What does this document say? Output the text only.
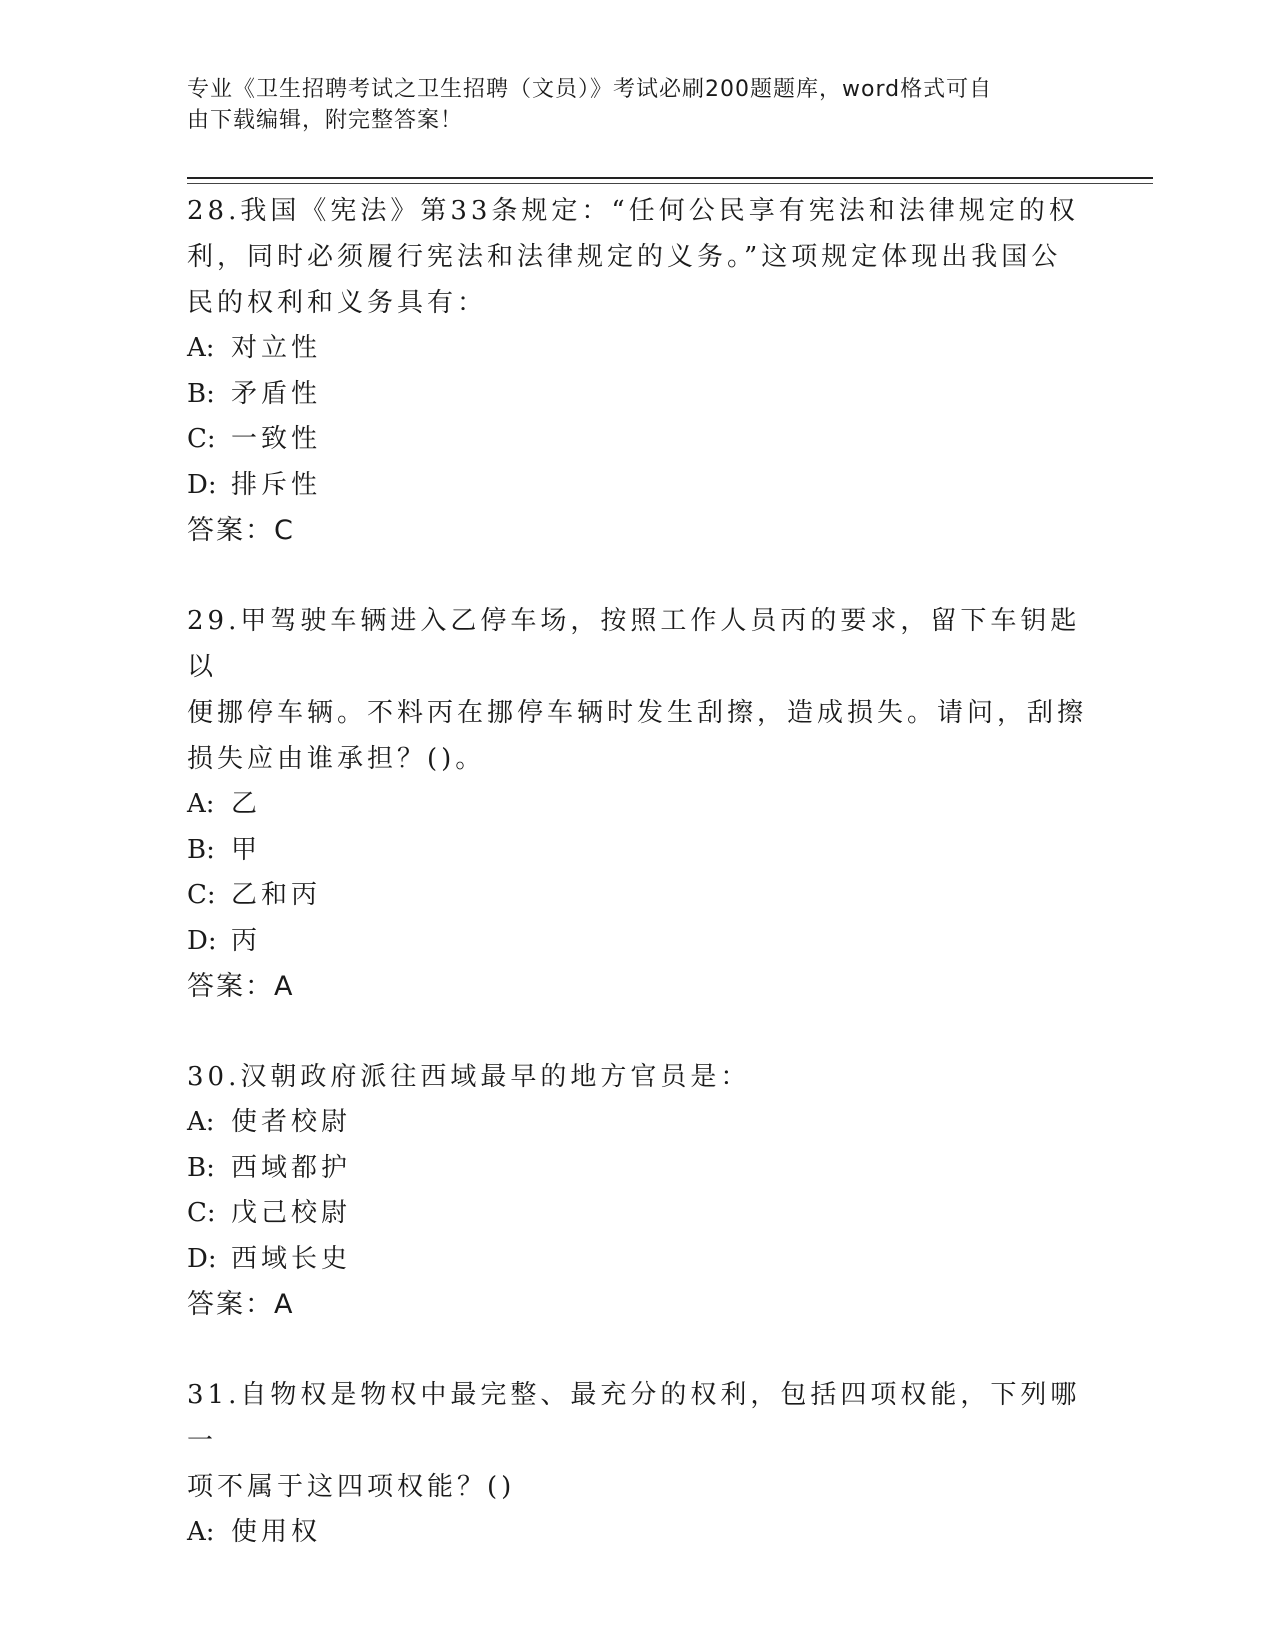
专业《卫生招聘考试之卫生招聘（文员）》考试必刷200题题库，word格式可自
由下载编辑，附完整答案！
28.我国《宪法》第33条规定：“任何公民享有宪法和法律规定的权
利，同时必须履行宪法和法律规定的义务。”这项规定体现出我国公
民的权利和义务具有：
A: 对立性
B: 矛盾性
C: 一致性
D: 排斥性
答案：C
29.甲驾驶车辆进入乙停车场，按照工作人员丙的要求，留下车钥匙以
便挪停车辆。不料丙在挪停车辆时发生刮擦，造成损失。请问，刮擦
损失应由谁承担？()。
A: 乙
B: 甲
C: 乙和丙
D: 丙
答案：A
30.汉朝政府派往西域最早的地方官员是：
A: 使者校尉
B: 西域都护
C: 戊己校尉
D: 西域长史
答案：A
31.自物权是物权中最完整、最充分的权利，包括四项权能，下列哪一
项不属于这四项权能？()
A: 使用权
